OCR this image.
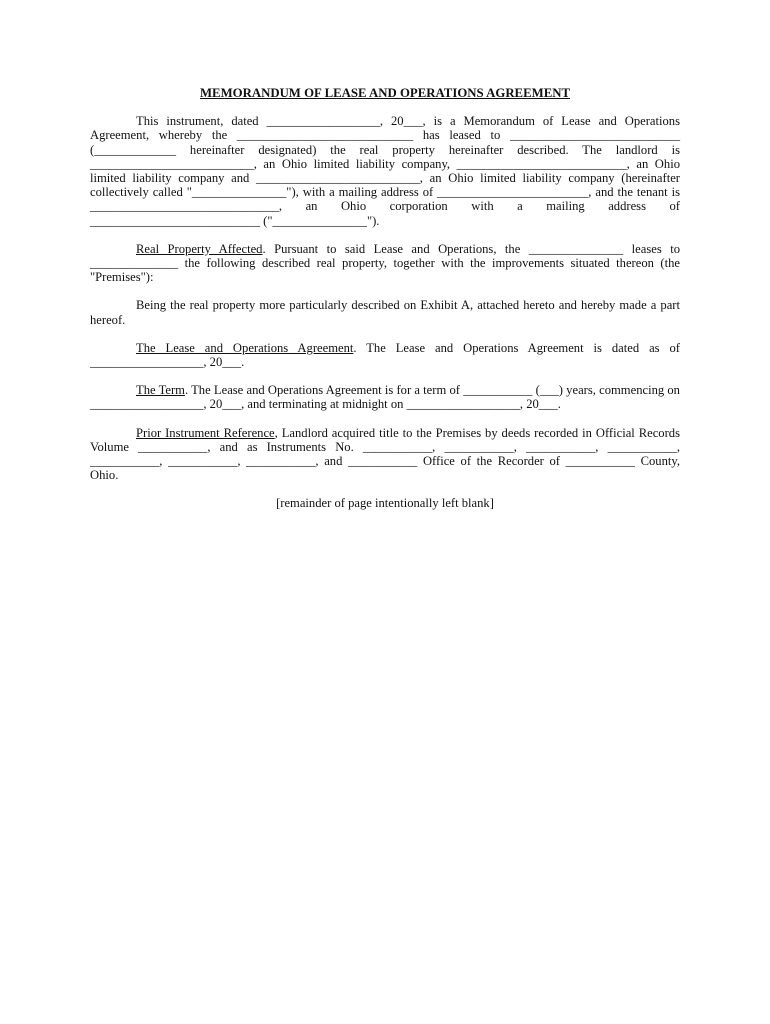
MEMORANDUM OF LEASE AND OPERATIONS AGREEMENT

This instrument, dated __________________, 20___, is a Memorandum of Lease and Operations Agreement, whereby the ____________________________ has leased to ___________________________ (_____________ hereinafter designated) the real property hereinafter described. The landlord is __________________________, an Ohio limited liability company, ___________________________, an Ohio limited liability company and __________________________, an Ohio limited liability company (hereinafter collectively called "_______________"), with a mailing address of ________________________, and the tenant is ______________________________, an Ohio corporation with a mailing address of ___________________________ ("_______________").

Real Property Affected. Pursuant to said Lease and Operations, the _______________ leases to ______________ the following described real property, together with the improvements situated thereon (the "Premises"):

Being the real property more particularly described on Exhibit A, attached hereto and hereby made a part hereof.

The Lease and Operations Agreement. The Lease and Operations Agreement is dated as of __________________, 20___.

The Term. The Lease and Operations Agreement is for a term of ___________ (___) years, commencing on __________________, 20___, and terminating at midnight on __________________, 20___.

Prior Instrument Reference, Landlord acquired title to the Premises by deeds recorded in Official Records Volume ___________, and as Instruments No. ___________, ___________, ___________, ___________, ___________, ___________, ___________, and ___________ Office of the Recorder of ___________ County, Ohio.

[remainder of page intentionally left blank]
